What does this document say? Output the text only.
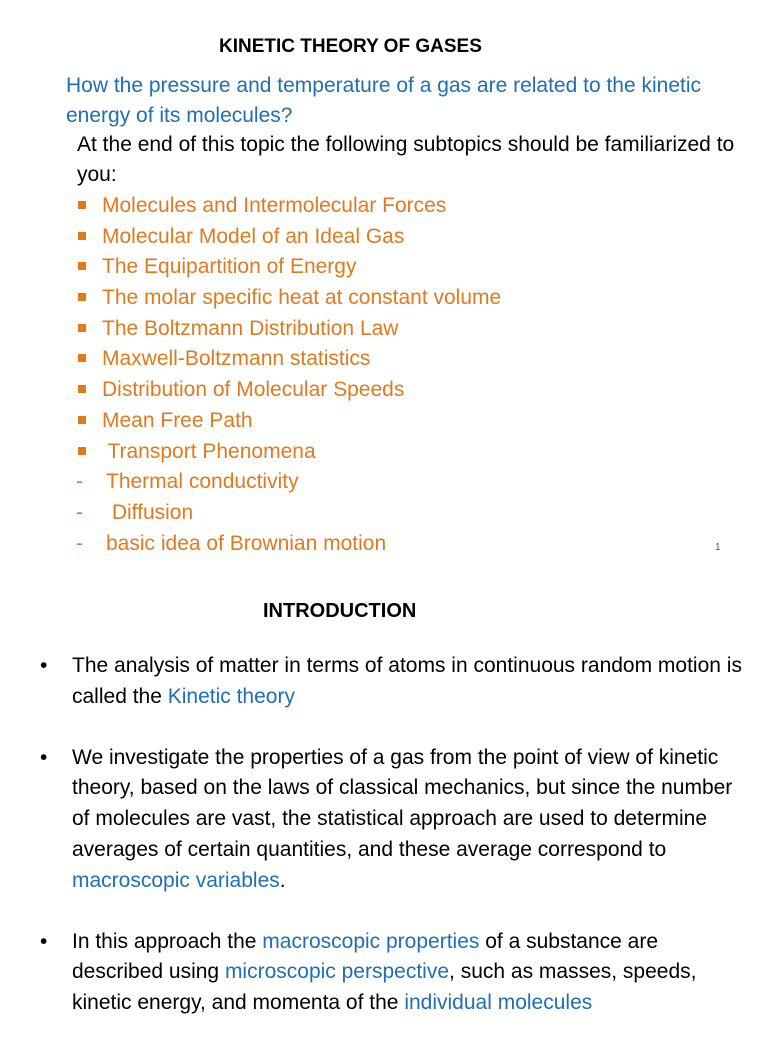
KINETIC THEORY OF GASES
How the pressure and temperature of a gas are related to the kinetic energy of its molecules?
At the end of this topic the following subtopics should be familiarized to you:
Molecules and Intermolecular Forces
Molecular Model of an Ideal Gas
The Equipartition of Energy
The molar specific heat at constant volume
The Boltzmann Distribution Law
Maxwell-Boltzmann statistics
Distribution of Molecular Speeds
Mean Free Path
Transport Phenomena
- Thermal conductivity
- Diffusion
- basic idea of Brownian motion	1
INTRODUCTION
• The analysis of matter in terms of atoms in continuous random motion is called the Kinetic theory
• We investigate the properties of a gas from the point of view of kinetic theory, based on the laws of classical mechanics, but since the number of molecules are vast, the statistical approach are used to determine averages of certain quantities, and these average correspond to macroscopic variables.
• In this approach the macroscopic properties of a substance are described using microscopic perspective, such as masses, speeds, kinetic energy, and momenta of the individual molecules
